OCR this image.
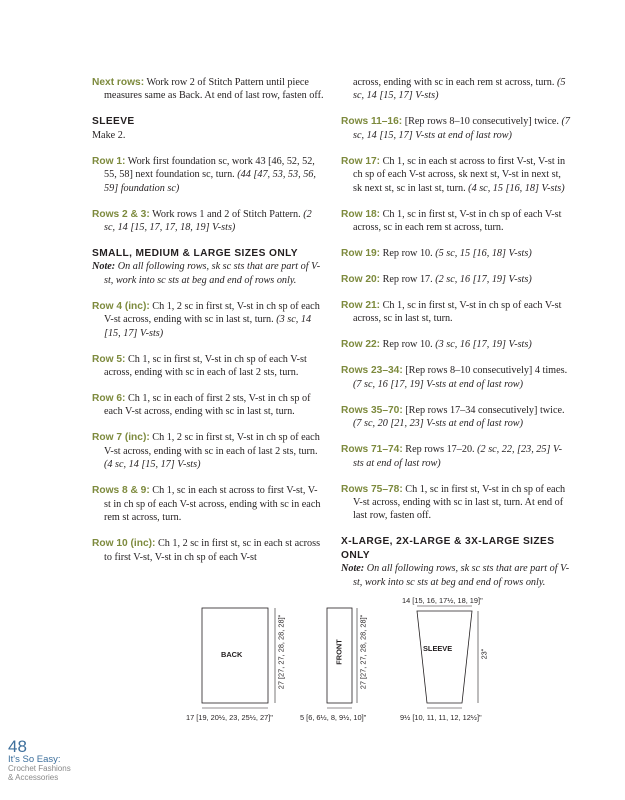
Next rows: Work row 2 of Stitch Pattern until piece measures same as Back. At end of last row, fasten off.
SLEEVE
Make 2.
Row 1: Work first foundation sc, work 43 [46, 52, 52, 55, 58] next foundation sc, turn. (44 [47, 53, 53, 56, 59] foundation sc)
Rows 2 & 3: Work rows 1 and 2 of Stitch Pattern. (2 sc, 14 [15, 17, 17, 18, 19] V-sts)
SMALL, MEDIUM & LARGE SIZES ONLY
Note: On all following rows, sk sc sts that are part of V-st, work into sc sts at beg and end of rows only.
Row 4 (inc): Ch 1, 2 sc in first st, V-st in ch sp of each V-st across, ending with sc in last st, turn. (3 sc, 14 [15, 17] V-sts)
Row 5: Ch 1, sc in first st, V-st in ch sp of each V-st across, ending with sc in each of last 2 sts, turn.
Row 6: Ch 1, sc in each of first 2 sts, V-st in ch sp of each V-st across, ending with sc in last st, turn.
Row 7 (inc): Ch 1, 2 sc in first st, V-st in ch sp of each V-st across, ending with sc in each of last 2 sts, turn. (4 sc, 14 [15, 17] V-sts)
Rows 8 & 9: Ch 1, sc in each st across to first V-st, V-st in ch sp of each V-st across, ending with sc in each rem st across, turn.
Row 10 (inc): Ch 1, 2 sc in first st, sc in each st across to first V-st, V-st in ch sp of each V-st
across, ending with sc in each rem st across, turn. (5 sc, 14 [15, 17] V-sts)
Rows 11–16: [Rep rows 8–10 consecutively] twice. (7 sc, 14 [15, 17] V-sts at end of last row)
Row 17: Ch 1, sc in each st across to first V-st, V-st in ch sp of each V-st across, sk next st, V-st in next st, sk next st, sc in last st, turn. (4 sc, 15 [16, 18] V-sts)
Row 18: Ch 1, sc in first st, V-st in ch sp of each V-st across, sc in each rem st across, turn.
Row 19: Rep row 10. (5 sc, 15 [16, 18] V-sts)
Row 20: Rep row 17. (2 sc, 16 [17, 19] V-sts)
Row 21: Ch 1, sc in first st, V-st in ch sp of each V-st across, sc in last st, turn.
Row 22: Rep row 10. (3 sc, 16 [17, 19] V-sts)
Rows 23–34: [Rep rows 8–10 consecutively] 4 times. (7 sc, 16 [17, 19] V-sts at end of last row)
Rows 35–70: [Rep rows 17–34 consecutively] twice. (7 sc, 20 [21, 23] V-sts at end of last row)
Rows 71–74: Rep rows 17–20. (2 sc, 22, [23, 25] V-sts at end of last row)
Rows 75–78: Ch 1, sc in first st, V-st in ch sp of each V-st across, ending with sc in last st, turn. At end of last row, fasten off.
X-LARGE, 2X-LARGE & 3X-LARGE SIZES ONLY
Note: On all following rows, sk sc sts that are part of V-st, work into sc sts at beg and end of rows only.
BACK	27 [27, 27, 28, 28, 28]"
17 [19, 20½, 23, 25½, 27]"
FRONT 27 [27, 27, 28, 28, 28]"
5 [6, 6½, 8, 9½, 10]"
SLEEVE
14 [15, 16, 17½, 18, 19]"
23"
9½ [10, 11, 11, 12, 12½]"
48
It's So Easy:
Crochet Fashions
& Accessories
